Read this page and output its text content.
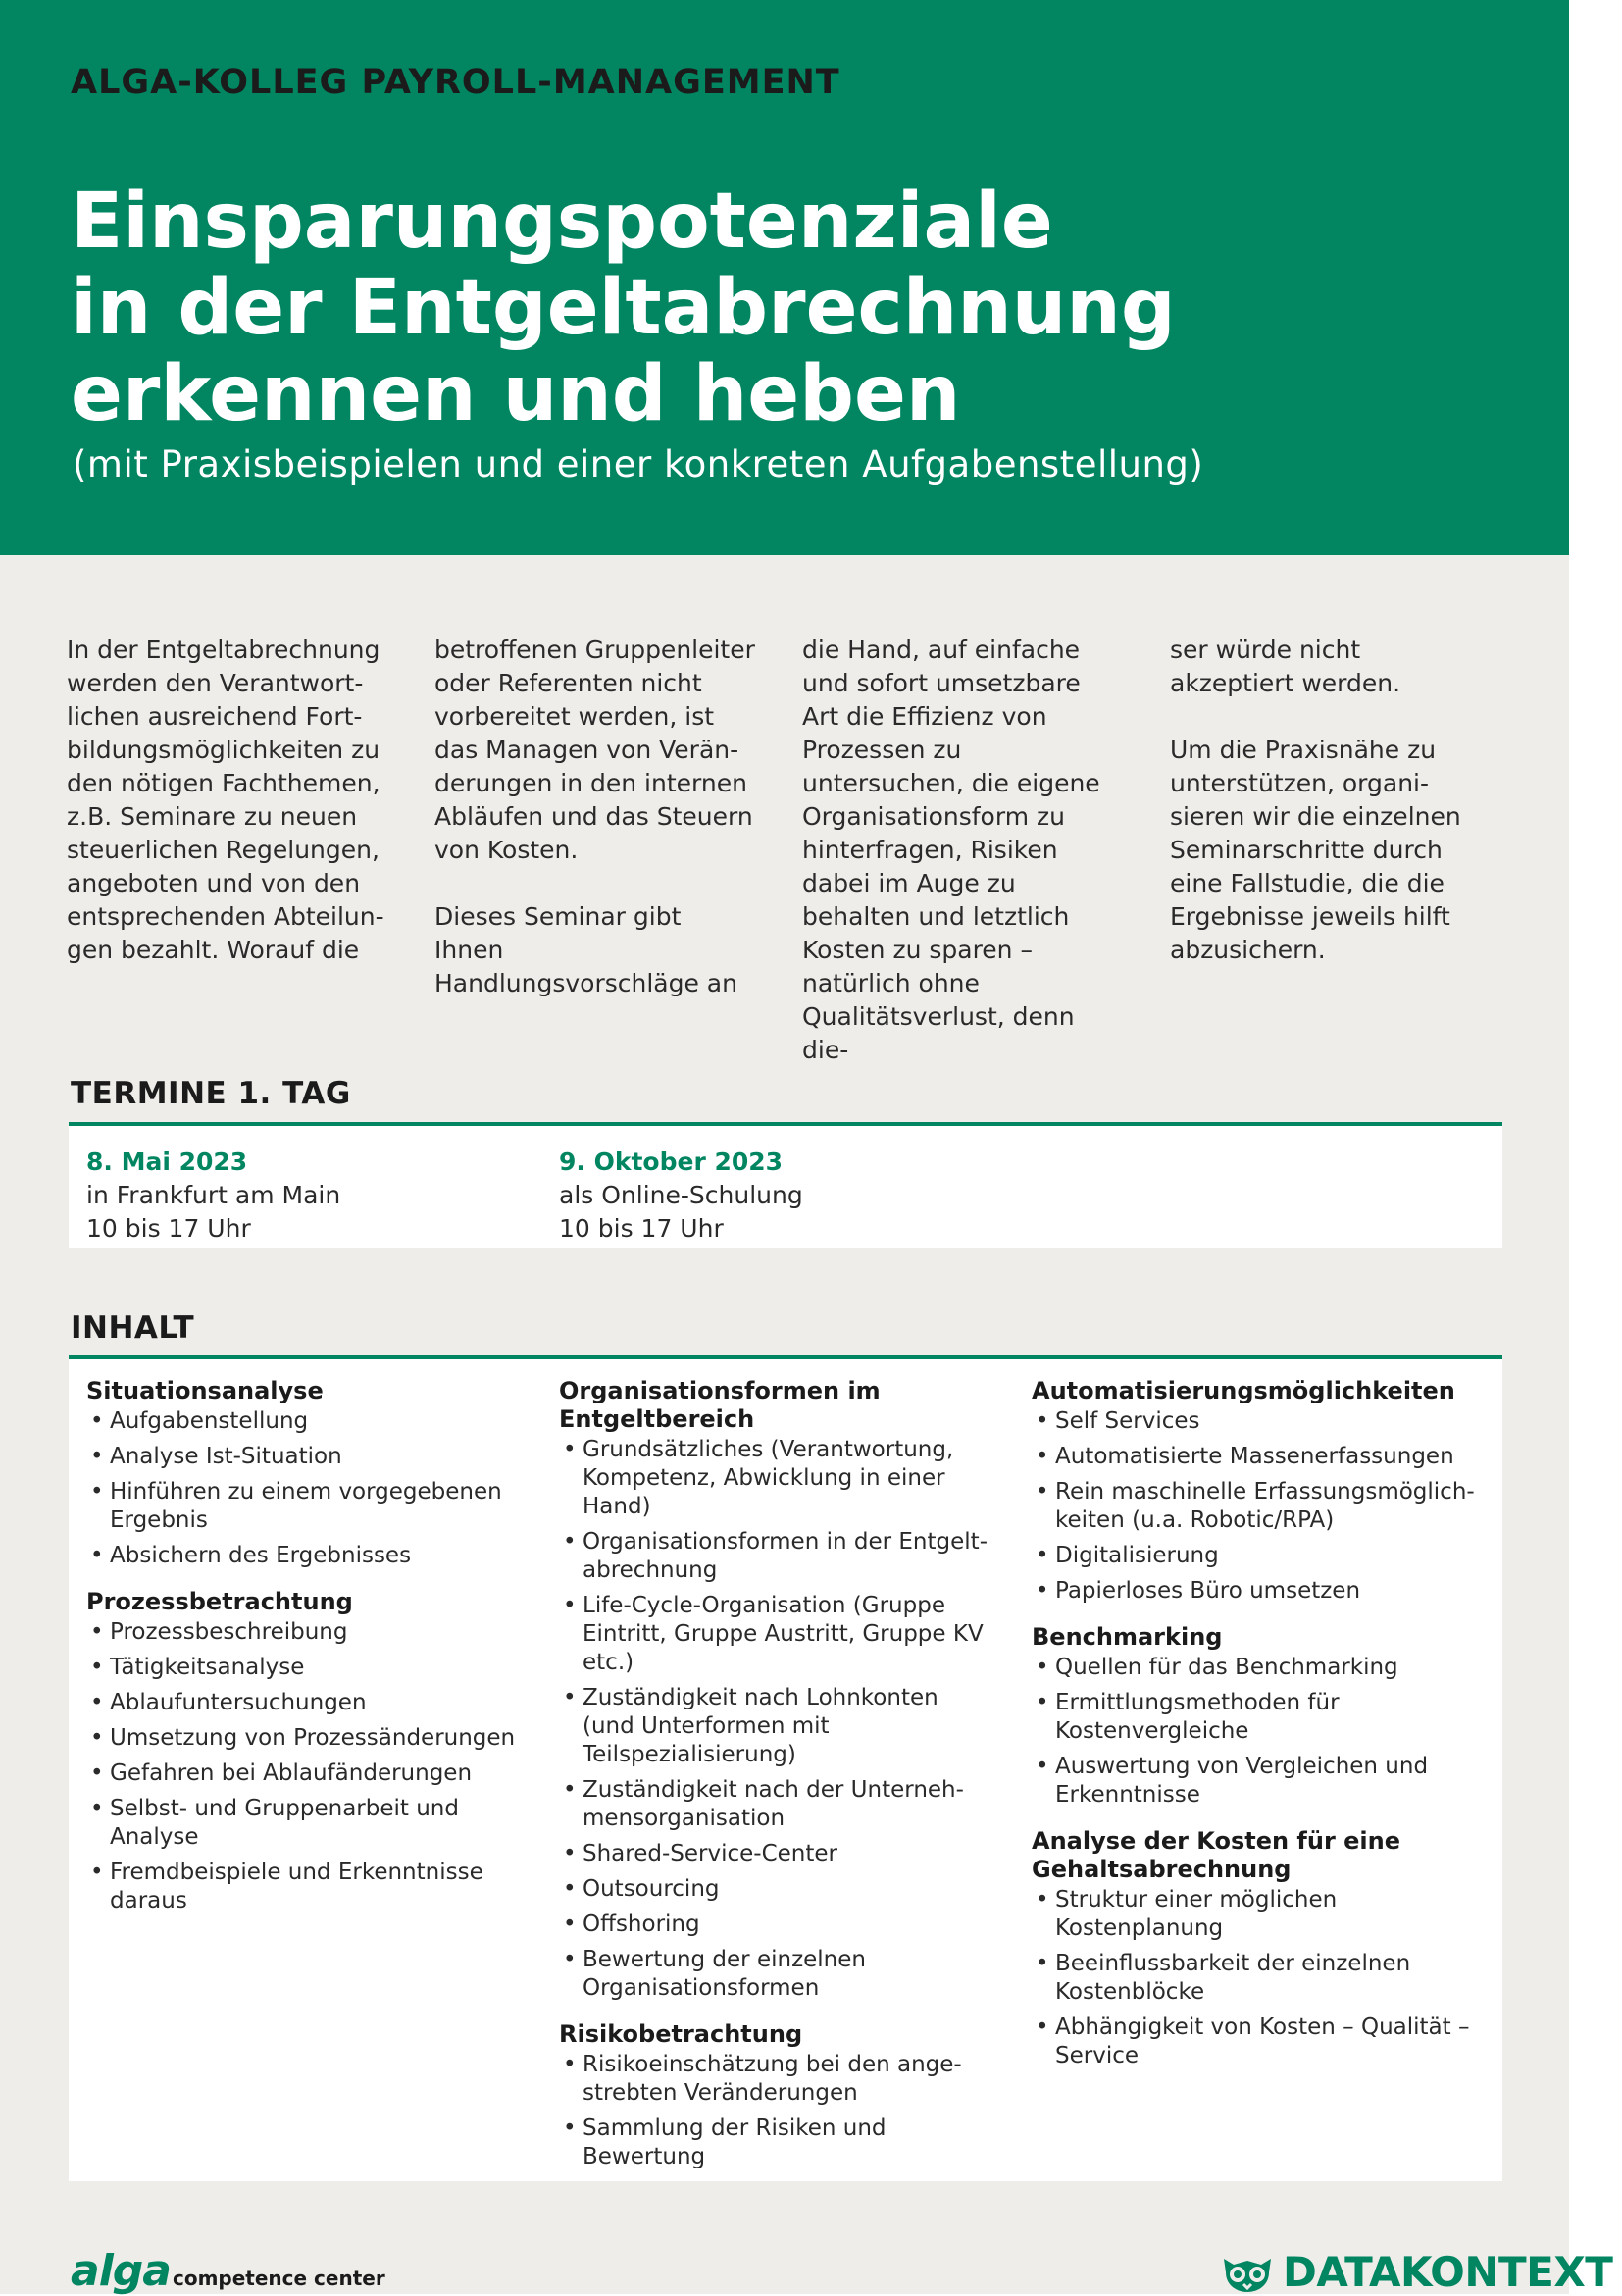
ALGA-KOLLEG PAYROLL-MANAGEMENT
Einsparungspotenziale
in der Entgeltabrechnung
erkennen und heben
(mit Praxisbeispielen und einer konkreten Aufgabenstellung)

In der Entgeltabrechnung werden den Verantwortlichen ausreichend Fortbildungsmöglichkeiten zu den nötigen Fachthemen, z.B. Seminare zu neuen steuerlichen Regelungen, angeboten und von den entsprechenden Abteilungen bezahlt. Worauf die

betroffenen Gruppenleiter oder Referenten nicht vorbereitet werden, ist das Managen von Veränderungen in den internen Abläufen und das Steuern von Kosten.

Dieses Seminar gibt Ihnen Handlungsvorschläge an

die Hand, auf einfache und sofort umsetzbare Art die Effizienz von Prozessen zu untersuchen, die eigene Organisationsform zu hinterfragen, Risiken dabei im Auge zu behalten und letztlich Kosten zu sparen – natürlich ohne Qualitätsverlust, denn die-

ser würde nicht akzeptiert werden.

Um die Praxisnähe zu unterstützen, organisieren wir die einzelnen Seminarschritte durch eine Fallstudie, die die Ergebnisse jeweils hilft abzusichern.

TERMINE 1. TAG
8. Mai 2023
in Frankfurt am Main
10 bis 17 Uhr
9. Oktober 2023
als Online-Schulung
10 bis 17 Uhr
INHALT
Situationsanalyse
• Aufgabenstellung
• Analyse Ist-Situation
• Hinführen zu einem vorgegebenen Ergebnis
• Absichern des Ergebnisses
Prozessbetrachtung
• Prozessbeschreibung
• Tätigkeitsanalyse
• Ablaufuntersuchungen
• Umsetzung von Prozessänderungen
• Gefahren bei Ablaufänderungen
• Selbst- und Gruppenarbeit und Analyse
• Fremdbeispiele und Erkenntnisse daraus
Organisationsformen im Entgeltbereich
• Grundsätzliches (Verantwortung, Kompetenz, Abwicklung in einer Hand)
• Organisationsformen in der Entgeltabrechnung
• Life-Cycle-Organisation (Gruppe Eintritt, Gruppe Austritt, Gruppe KV etc.)
• Zuständigkeit nach Lohnkonten (und Unterformen mit Teilspezialisierung)
• Zuständigkeit nach der Unternehmensorganisation
• Shared-Service-Center
• Outsourcing
• Offshoring
• Bewertung der einzelnen Organisationsformen
Risikobetrachtung
• Risikoeinschätzung bei den angestrebten Veränderungen
• Sammlung der Risiken und Bewertung
Automatisierungsmöglichkeiten
• Self Services
• Automatisierte Massenerfassungen
• Rein maschinelle Erfassungsmöglichkeiten (u.a. Robotic/RPA)
• Digitalisierung
• Papierloses Büro umsetzen
Benchmarking
• Quellen für das Benchmarking
• Ermittlungsmethoden für Kostenvergleiche
• Auswertung von Vergleichen und Erkenntnisse
Analyse der Kosten für eine Gehaltsabrechnung
• Struktur einer möglichen Kostenplanung
• Beeinflussbarkeit der einzelnen Kostenblöcke
• Abhängigkeit von Kosten – Qualität – Service
alga competence center	DATAKONTEXT
